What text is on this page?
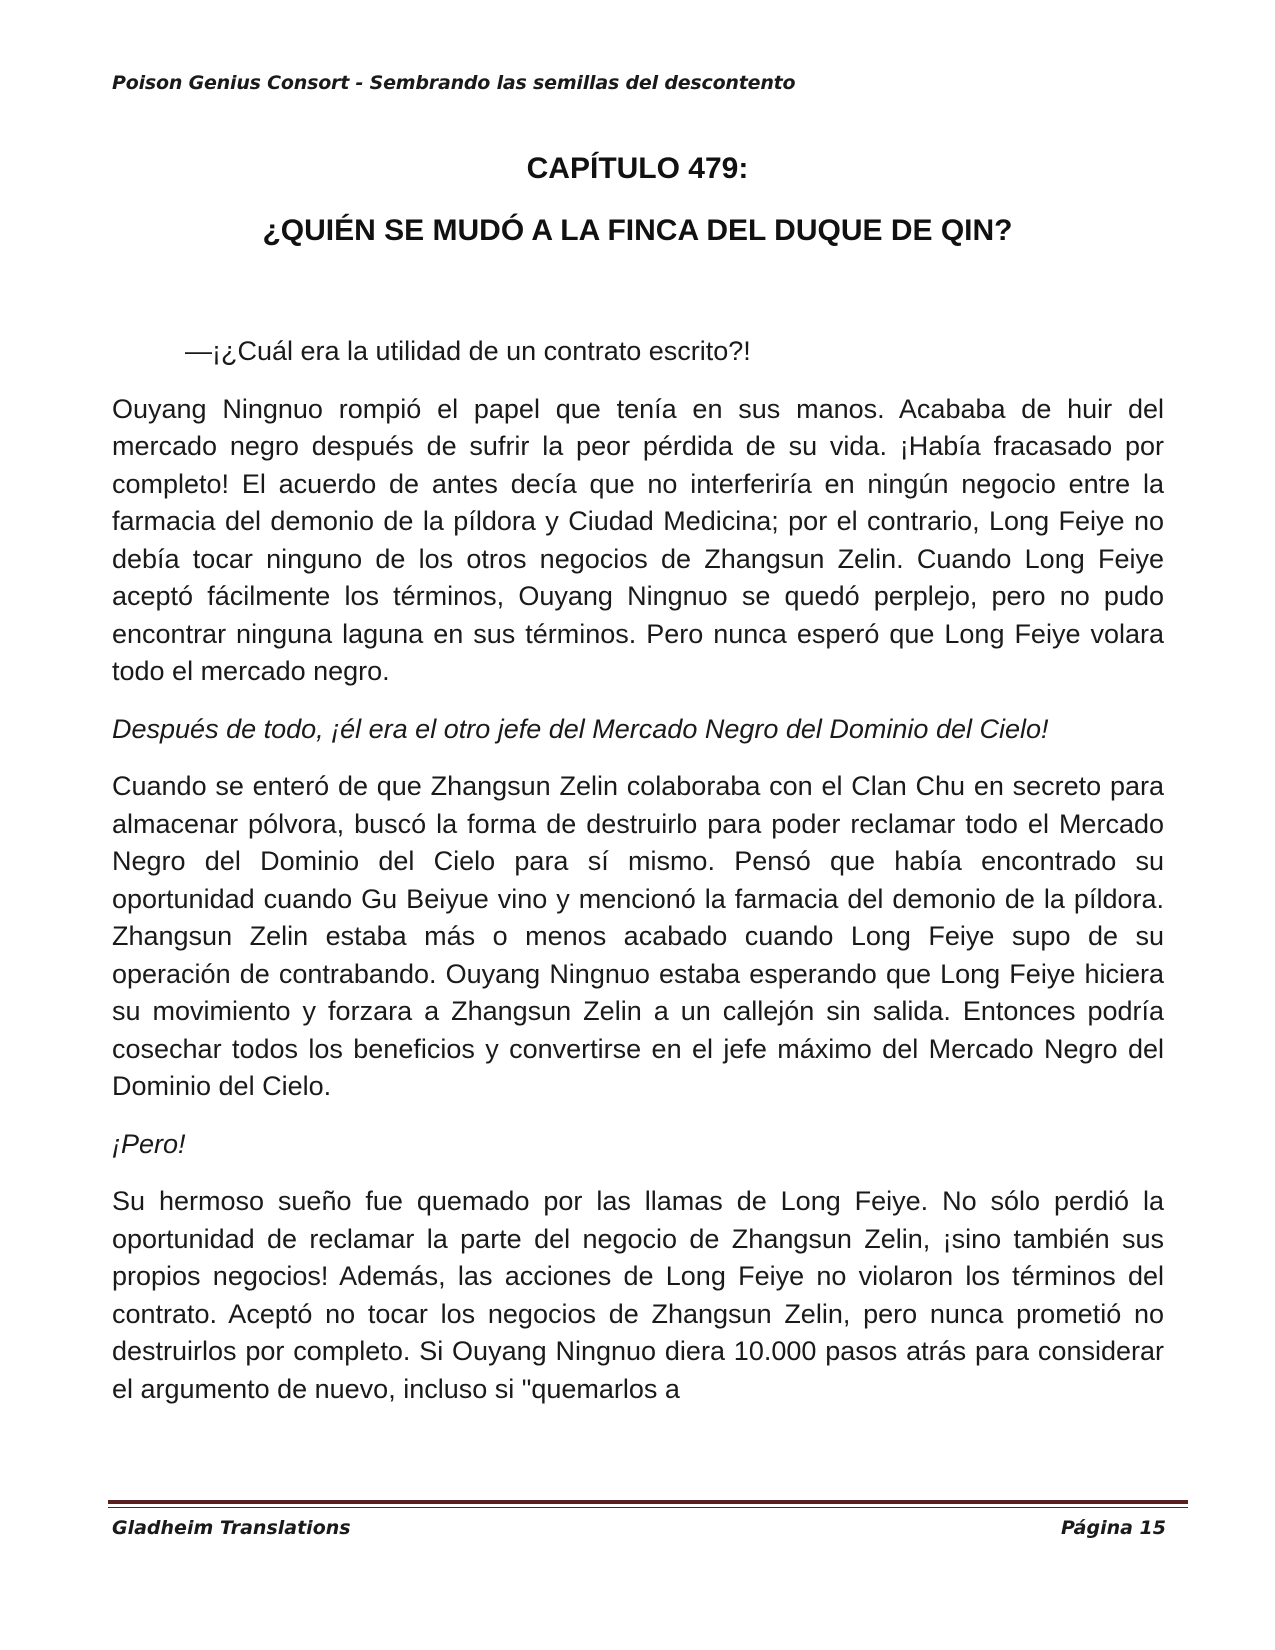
Poison Genius Consort - Sembrando las semillas del descontento
CAPÍTULO 479:
¿QUIÉN SE MUDÓ A LA FINCA DEL DUQUE DE QIN?

—¡¿Cuál era la utilidad de un contrato escrito?!

Ouyang Ningnuo rompió el papel que tenía en sus manos. Acababa de huir del mercado negro después de sufrir la peor pérdida de su vida. ¡Había fracasado por completo! El acuerdo de antes decía que no interferiría en ningún negocio entre la farmacia del demonio de la píldora y Ciudad Medicina; por el contrario, Long Feiye no debía tocar ninguno de los otros negocios de Zhangsun Zelin. Cuando Long Feiye aceptó fácilmente los términos, Ouyang Ningnuo se quedó perplejo, pero no pudo encontrar ninguna laguna en sus términos. Pero nunca esperó que Long Feiye volara todo el mercado negro.

Después de todo, ¡él era el otro jefe del Mercado Negro del Dominio del Cielo!

Cuando se enteró de que Zhangsun Zelin colaboraba con el Clan Chu en secreto para almacenar pólvora, buscó la forma de destruirlo para poder reclamar todo el Mercado Negro del Dominio del Cielo para sí mismo. Pensó que había encontrado su oportunidad cuando Gu Beiyue vino y mencionó la farmacia del demonio de la píldora. Zhangsun Zelin estaba más o menos acabado cuando Long Feiye supo de su operación de contrabando. Ouyang Ningnuo estaba esperando que Long Feiye hiciera su movimiento y forzara a Zhangsun Zelin a un callejón sin salida. Entonces podría cosechar todos los beneficios y convertirse en el jefe máximo del Mercado Negro del Dominio del Cielo.

¡Pero!

Su hermoso sueño fue quemado por las llamas de Long Feiye. No sólo perdió la oportunidad de reclamar la parte del negocio de Zhangsun Zelin, ¡sino también sus propios negocios! Además, las acciones de Long Feiye no violaron los términos del contrato. Aceptó no tocar los negocios de Zhangsun Zelin, pero nunca prometió no destruirlos por completo. Si Ouyang Ningnuo diera 10.000 pasos atrás para considerar el argumento de nuevo, incluso si "quemarlos a

Gladheim Translations	Página 15
